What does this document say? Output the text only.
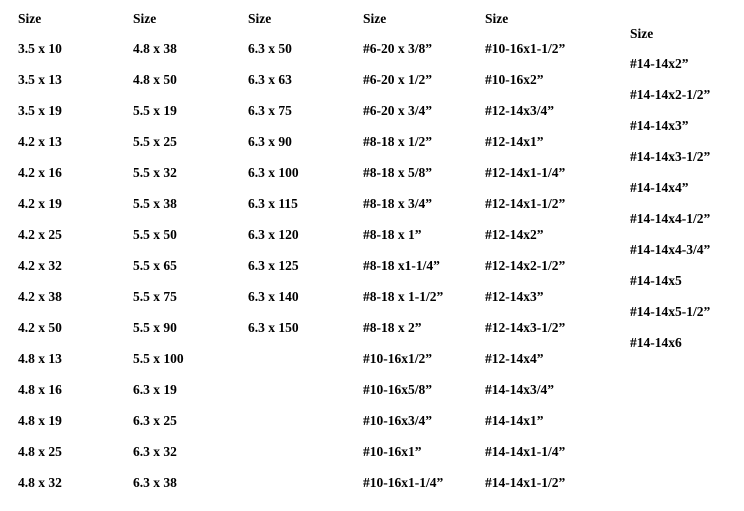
Size
3.5 x 10
3.5 x 13
3.5 x 19
4.2 x 13
4.2 x 16
4.2 x 19
4.2 x 25
4.2 x 32
4.2 x 38
4.2 x 50
4.8 x 13
4.8 x 16
4.8 x 19
4.8 x 25
4.8 x 32
Size
4.8 x 38
4.8 x 50
5.5 x 19
5.5 x 25
5.5 x 32
5.5 x 38
5.5 x 50
5.5 x 65
5.5 x 75
5.5 x 90
5.5 x 100
6.3 x 19
6.3 x 25
6.3 x 32
6.3 x 38
Size
6.3 x 50
6.3 x 63
6.3 x 75
6.3 x 90
6.3 x 100
6.3 x 115
6.3 x 120
6.3 x 125
6.3 x 140
6.3 x 150
Size
#6-20 x 3/8”
#6-20 x 1/2”
#6-20 x 3/4”
#8-18 x 1/2”
#8-18 x 5/8”
#8-18 x 3/4”
#8-18 x 1”
#8-18 x1-1/4”
#8-18 x 1-1/2”
#8-18 x 2”
#10-16x1/2”
#10-16x5/8”
#10-16x3/4”
#10-16x1”
#10-16x1-1/4”
Size
#10-16x1-1/2”
#10-16x2”
#12-14x3/4”
#12-14x1”
#12-14x1-1/4”
#12-14x1-1/2”
#12-14x2”
#12-14x2-1/2”
#12-14x3”
#12-14x3-1/2”
#12-14x4”
#14-14x3/4”
#14-14x1”
#14-14x1-1/4”
#14-14x1-1/2”
Size
#14-14x2”
#14-14x2-1/2”
#14-14x3”
#14-14x3-1/2”
#14-14x4”
#14-14x4-1/2”
#14-14x4-3/4”
#14-14x5
#14-14x5-1/2”
#14-14x6
